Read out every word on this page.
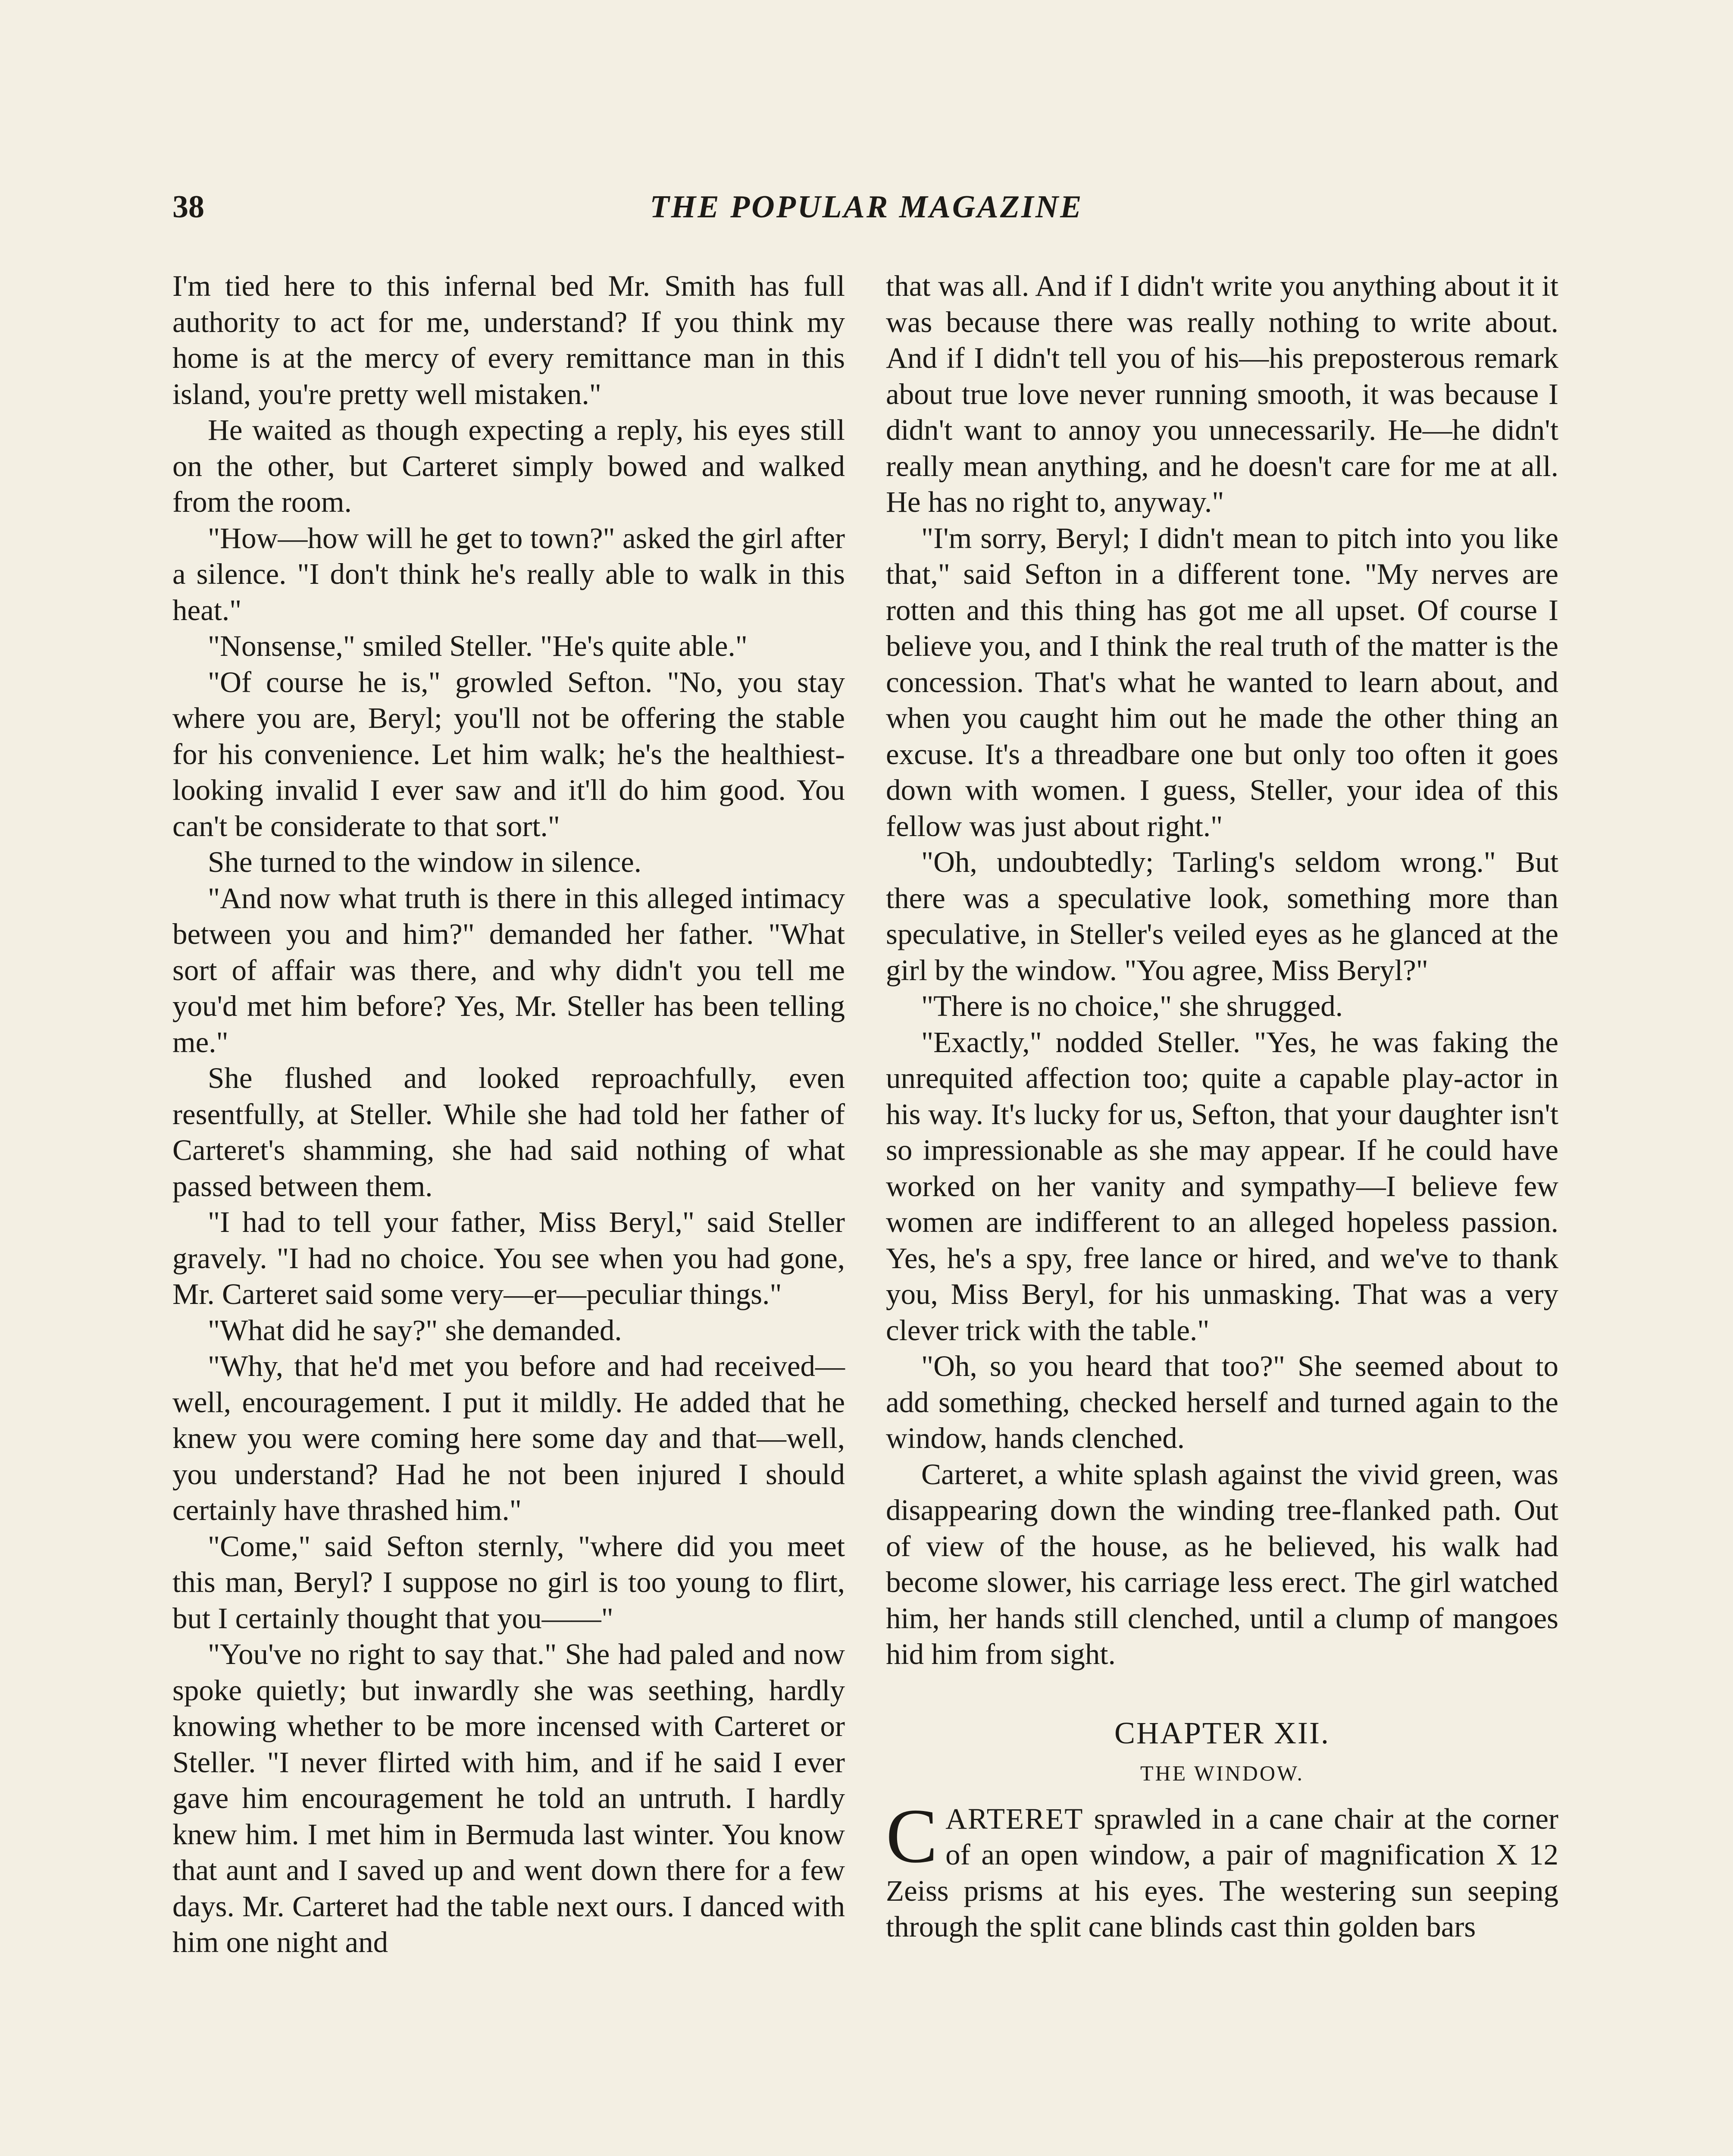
38	THE POPULAR MAGAZINE

I'm tied here to this infernal bed Mr. Smith has full authority to act for me, understand? If you think my home is at the mercy of every remittance man in this island, you're pretty well mistaken."

He waited as though expecting a reply, his eyes still on the other, but Carteret simply bowed and walked from the room.

"How—how will he get to town?" asked the girl after a silence. "I don't think he's really able to walk in this heat."

"Nonsense," smiled Steller. "He's quite able."

"Of course he is," growled Sefton. "No, you stay where you are, Beryl; you'll not be offering the stable for his convenience. Let him walk; he's the healthiest-looking invalid I ever saw and it'll do him good. You can't be considerate to that sort."

She turned to the window in silence.

"And now what truth is there in this alleged intimacy between you and him?" demanded her father. "What sort of affair was there, and why didn't you tell me you'd met him before? Yes, Mr. Steller has been telling me."

She flushed and looked reproachfully, even resentfully, at Steller. While she had told her father of Carteret's shamming, she had said nothing of what passed between them.

"I had to tell your father, Miss Beryl," said Steller gravely. "I had no choice. You see when you had gone, Mr. Carteret said some very—er—peculiar things."

"What did he say?" she demanded.

"Why, that he'd met you before and had received—well, encouragement. I put it mildly. He added that he knew you were coming here some day and that—well, you understand? Had he not been injured I should certainly have thrashed him."

"Come," said Sefton sternly, "where did you meet this man, Beryl? I suppose no girl is too young to flirt, but I certainly thought that you——"

"You've no right to say that." She had paled and now spoke quietly; but inwardly she was seething, hardly knowing whether to be more incensed with Carteret or Steller. "I never flirted with him, and if he said I ever gave him encouragement he told an untruth. I hardly knew him. I met him in Bermuda last winter. You know that aunt and I saved up and went down there for a few days. Mr. Carteret had the table next ours. I danced with him one night and

that was all. And if I didn't write you anything about it it was because there was really nothing to write about. And if I didn't tell you of his—his preposterous remark about true love never running smooth, it was because I didn't want to annoy you unnecessarily. He—he didn't really mean anything, and he doesn't care for me at all. He has no right to, anyway."

"I'm sorry, Beryl; I didn't mean to pitch into you like that," said Sefton in a different tone. "My nerves are rotten and this thing has got me all upset. Of course I believe you, and I think the real truth of the matter is the concession. That's what he wanted to learn about, and when you caught him out he made the other thing an excuse. It's a threadbare one but only too often it goes down with women. I guess, Steller, your idea of this fellow was just about right."

"Oh, undoubtedly; Tarling's seldom wrong." But there was a speculative look, something more than speculative, in Steller's veiled eyes as he glanced at the girl by the window. "You agree, Miss Beryl?"

"There is no choice," she shrugged.

"Exactly," nodded Steller. "Yes, he was faking the unrequited affection too; quite a capable play-actor in his way. It's lucky for us, Sefton, that your daughter isn't so impressionable as she may appear. If he could have worked on her vanity and sympathy—I believe few women are indifferent to an alleged hopeless passion. Yes, he's a spy, free lance or hired, and we've to thank you, Miss Beryl, for his unmasking. That was a very clever trick with the table."

"Oh, so you heard that too?" She seemed about to add something, checked herself and turned again to the window, hands clenched.

Carteret, a white splash against the vivid green, was disappearing down the winding tree-flanked path. Out of view of the house, as he believed, his walk had become slower, his carriage less erect. The girl watched him, her hands still clenched, until a clump of mangoes hid him from sight.

CHAPTER XII.
THE WINDOW.

CARTERET sprawled in a cane chair at the corner of an open window, a pair of magnification X 12 Zeiss prisms at his eyes. The westering sun seeping through the split cane blinds cast thin golden bars
